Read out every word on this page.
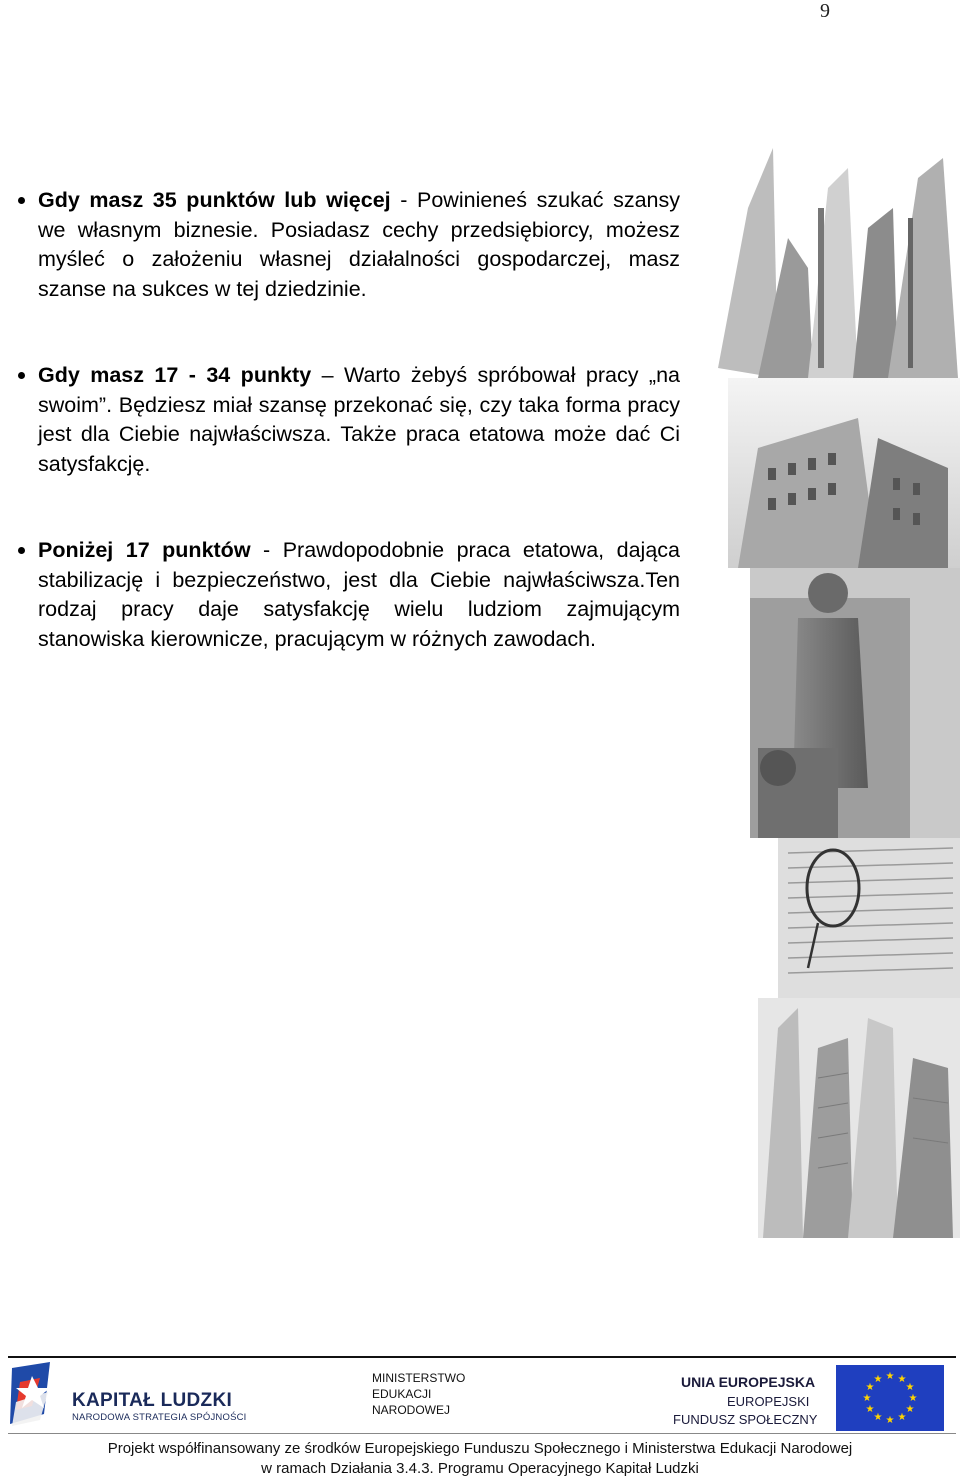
9

Gdy masz 35 punktów lub więcej - Powinieneś szukać szansy we własnym biznesie. Posiadasz cechy przedsiębiorcy, możesz myśleć o założeniu własnej działalności gospodarczej, masz szanse na sukces w tej dziedzinie.

Gdy masz 17 - 34 punkty – Warto żebyś spróbował pracy „na swoim”. Będziesz miał szansę przekonać się, czy taka forma pracy jest dla Ciebie najwłaściwsza. Także praca etatowa może dać Ci satysfakcję.

Poniżej 17 punktów - Prawdopodobnie praca etatowa, dająca stabilizację i bezpieczeństwo, jest dla Ciebie najwłaściwsza.Ten rodzaj pracy daje satysfakcję wielu ludziom zajmującym stanowiska kierownicze, pracującym w różnych zawodach.

KAPITAŁ LUDZKI
NARODOWA STRATEGIA SPÓJNOŚCI
MINISTERSTWO
EDUKACJI
NARODOWEJ
UNIA EUROPEJSKA
EUROPEJSKI
FUNDUSZ SPOŁECZNY
★ ★
★
★
★
★
★
★
★
★
★
★
Projekt współfinansowany ze środków Europejskiego Funduszu Społecznego i Ministerstwa Edukacji Narodowej
w ramach Działania 3.4.3. Programu Operacyjnego Kapitał Ludzki
